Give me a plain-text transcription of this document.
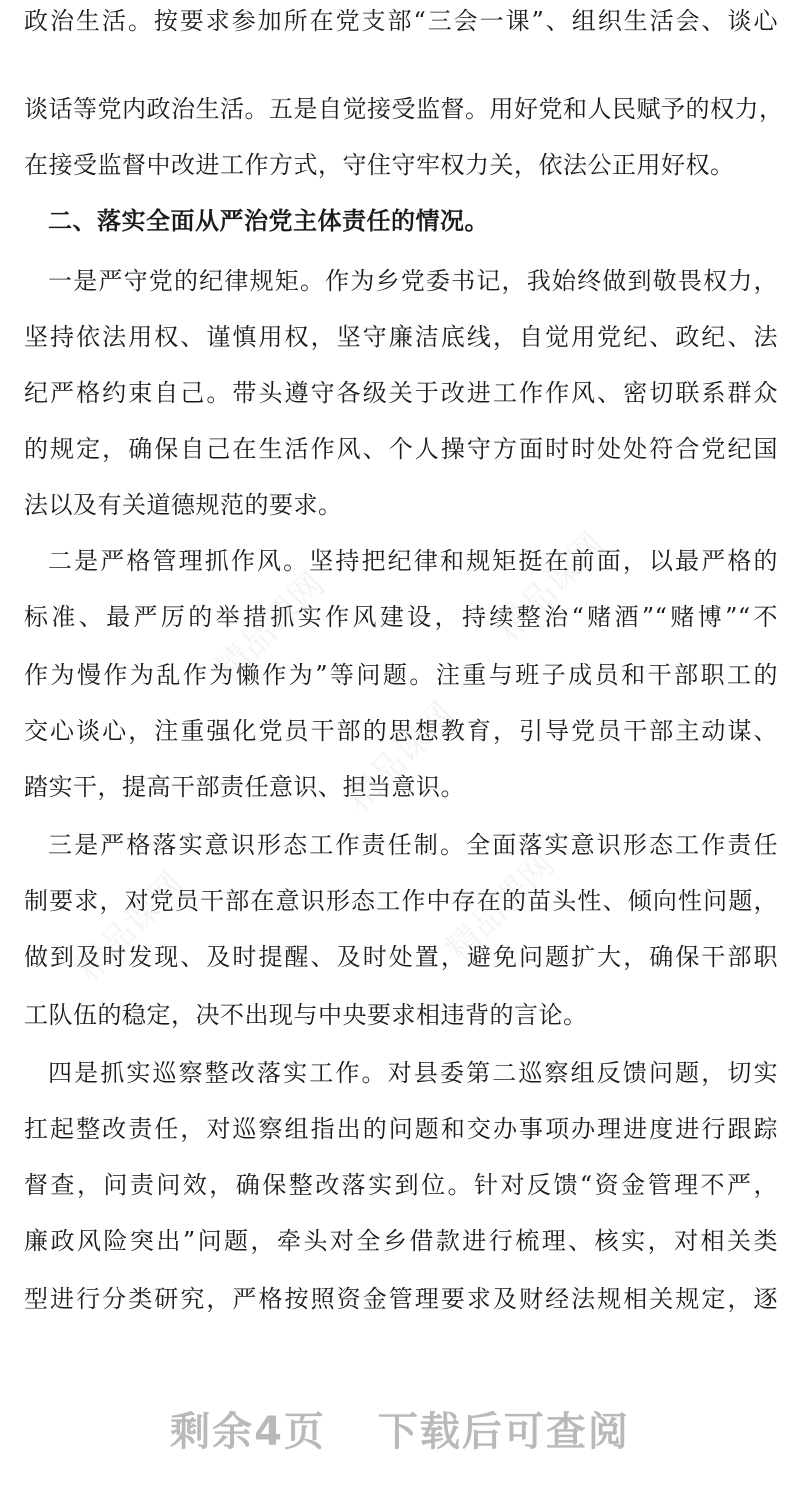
政治生活。按要求参加所在党支部“三会一课”、组织生活会、谈心
谈话等党内政治生活。五是自觉接受监督。用好党和人民赋予的权力，
在接受监督中改进工作方式，守住守牢权力关，依法公正用好权。
二、落实全面从严治党主体责任的情况。
一是严守党的纪律规矩。作为乡党委书记，我始终做到敬畏权力，
坚持依法用权、谨慎用权，坚守廉洁底线，自觉用党纪、政纪、法
纪严格约束自己。带头遵守各级关于改进工作作风、密切联系群众
的规定，确保自己在生活作风、个人操守方面时时处处符合党纪国
法以及有关道德规范的要求。
二是严格管理抓作风。坚持把纪律和规矩挺在前面，以最严格的
标准、最严厉的举措抓实作风建设，持续整治“赌酒”“赌博”“不
作为慢作为乱作为懒作为”等问题。注重与班子成员和干部职工的
交心谈心，注重强化党员干部的思想教育，引导党员干部主动谋、
踏实干，提高干部责任意识、担当意识。
三是严格落实意识形态工作责任制。全面落实意识形态工作责任
制要求，对党员干部在意识形态工作中存在的苗头性、倾向性问题，
做到及时发现、及时提醒、及时处置，避免问题扩大，确保干部职
工队伍的稳定，决不出现与中央要求相违背的言论。
四是抓实巡察整改落实工作。对县委第二巡察组反馈问题，切实
扛起整改责任，对巡察组指出的问题和交办事项办理进度进行跟踪
督查，问责问效，确保整改落实到位。针对反馈“资金管理不严，
廉政风险突出”问题，牵头对全乡借款进行梳理、核实，对相关类
型进行分类研究，严格按照资金管理要求及财经法规相关规定，逐
精品课网	精品课网
精品课网
精品课网	精品课网
剩余4页 下载后可查阅
